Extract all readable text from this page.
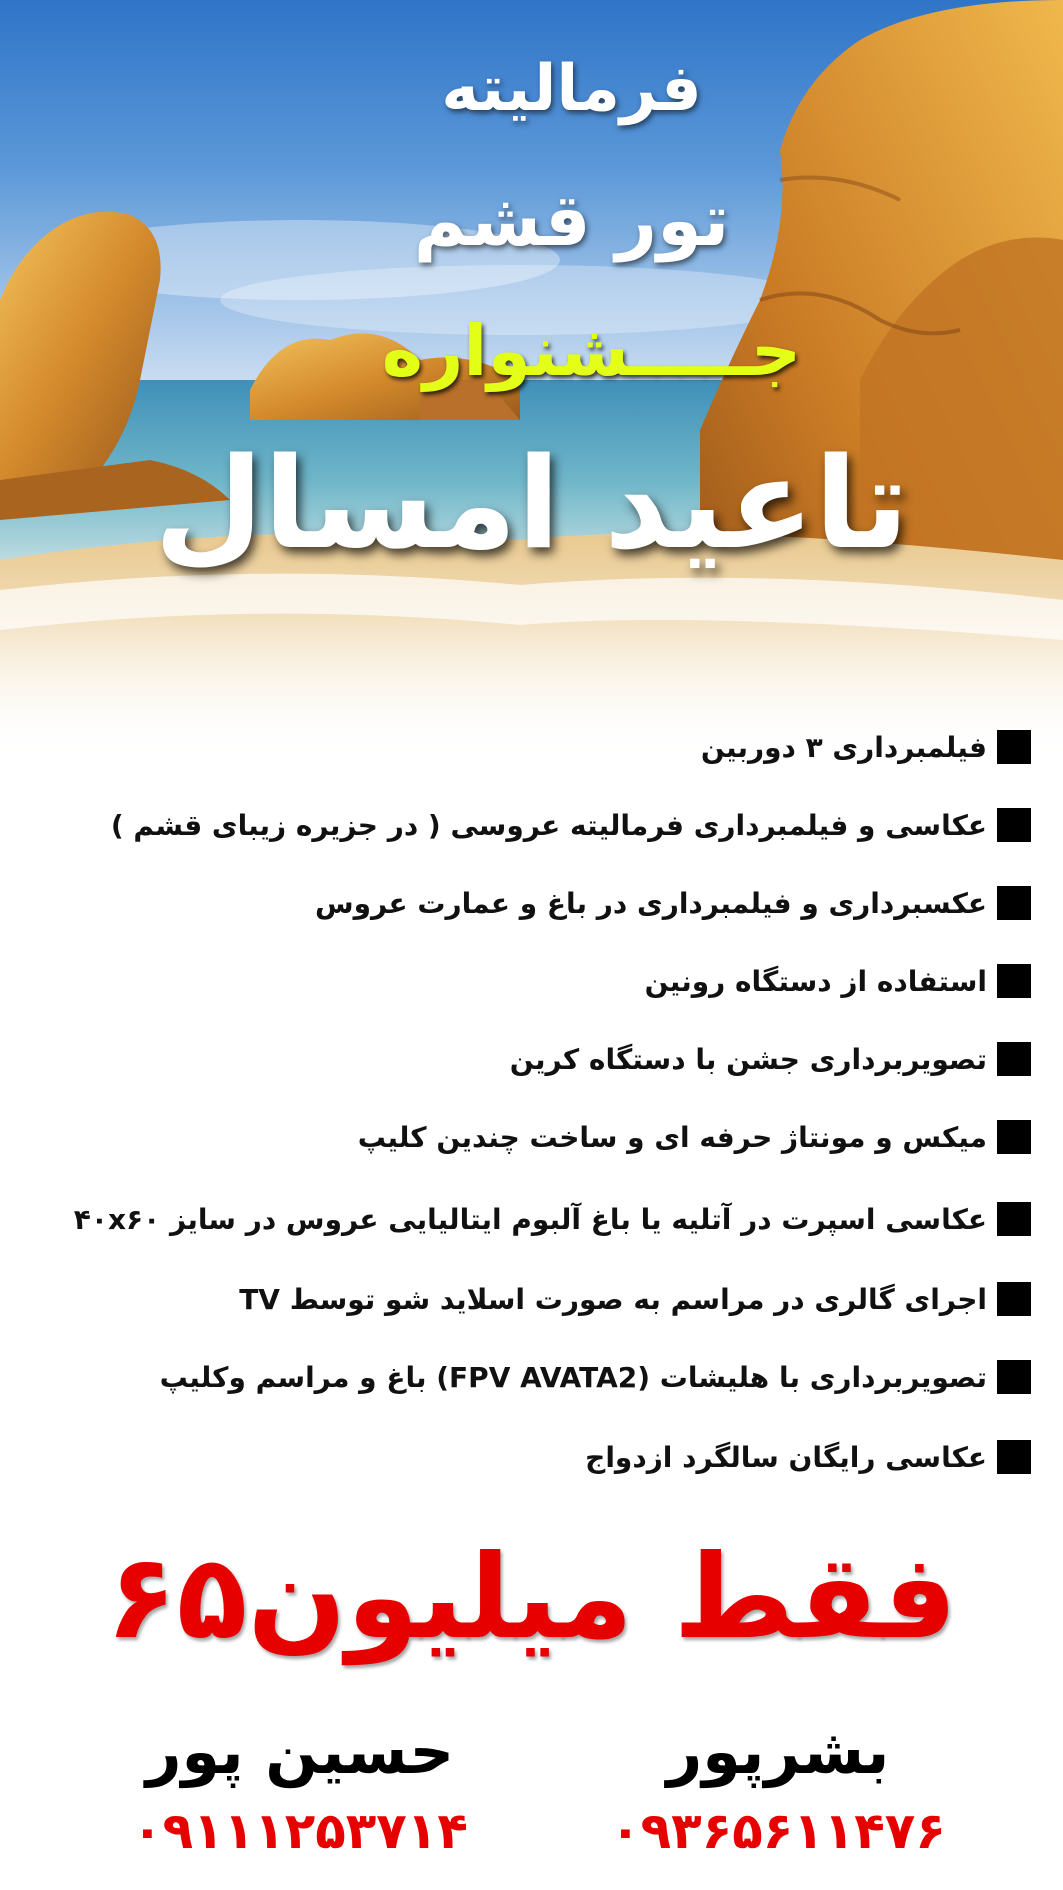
فرمالیته
تور قشم
جـــــشنواره
تاعید امسال
فیلمبرداری ۳ دوربین
عکاسی و فیلمبرداری فرمالیته عروسی ( در جزیره زیبای قشم )
عکسبرداری و فیلمبرداری در باغ و عمارت عروس
استفاده از دستگاه رونین
تصویربرداری جشن با دستگاه کرین
میکس و مونتاژ حرفه ای و ساخت چندین کلیپ
عکاسی اسپرت در آتلیه یا باغ آلبوم ایتالیایی عروس در سایز ۴۰x۶۰
اجرای گالری در مراسم به صورت اسلاید شو توسط TV
تصویربرداری با هلیشات (FPV AVATA2) باغ و مراسم وکلیپ
عکاسی رایگان سالگرد ازدواج
فقط میلیون۶۵
بشرپور
۰۹۳۶۵۶۱۱۴۷۶
حسین پور
۰۹۱۱۱۲۵۳۷۱۴
